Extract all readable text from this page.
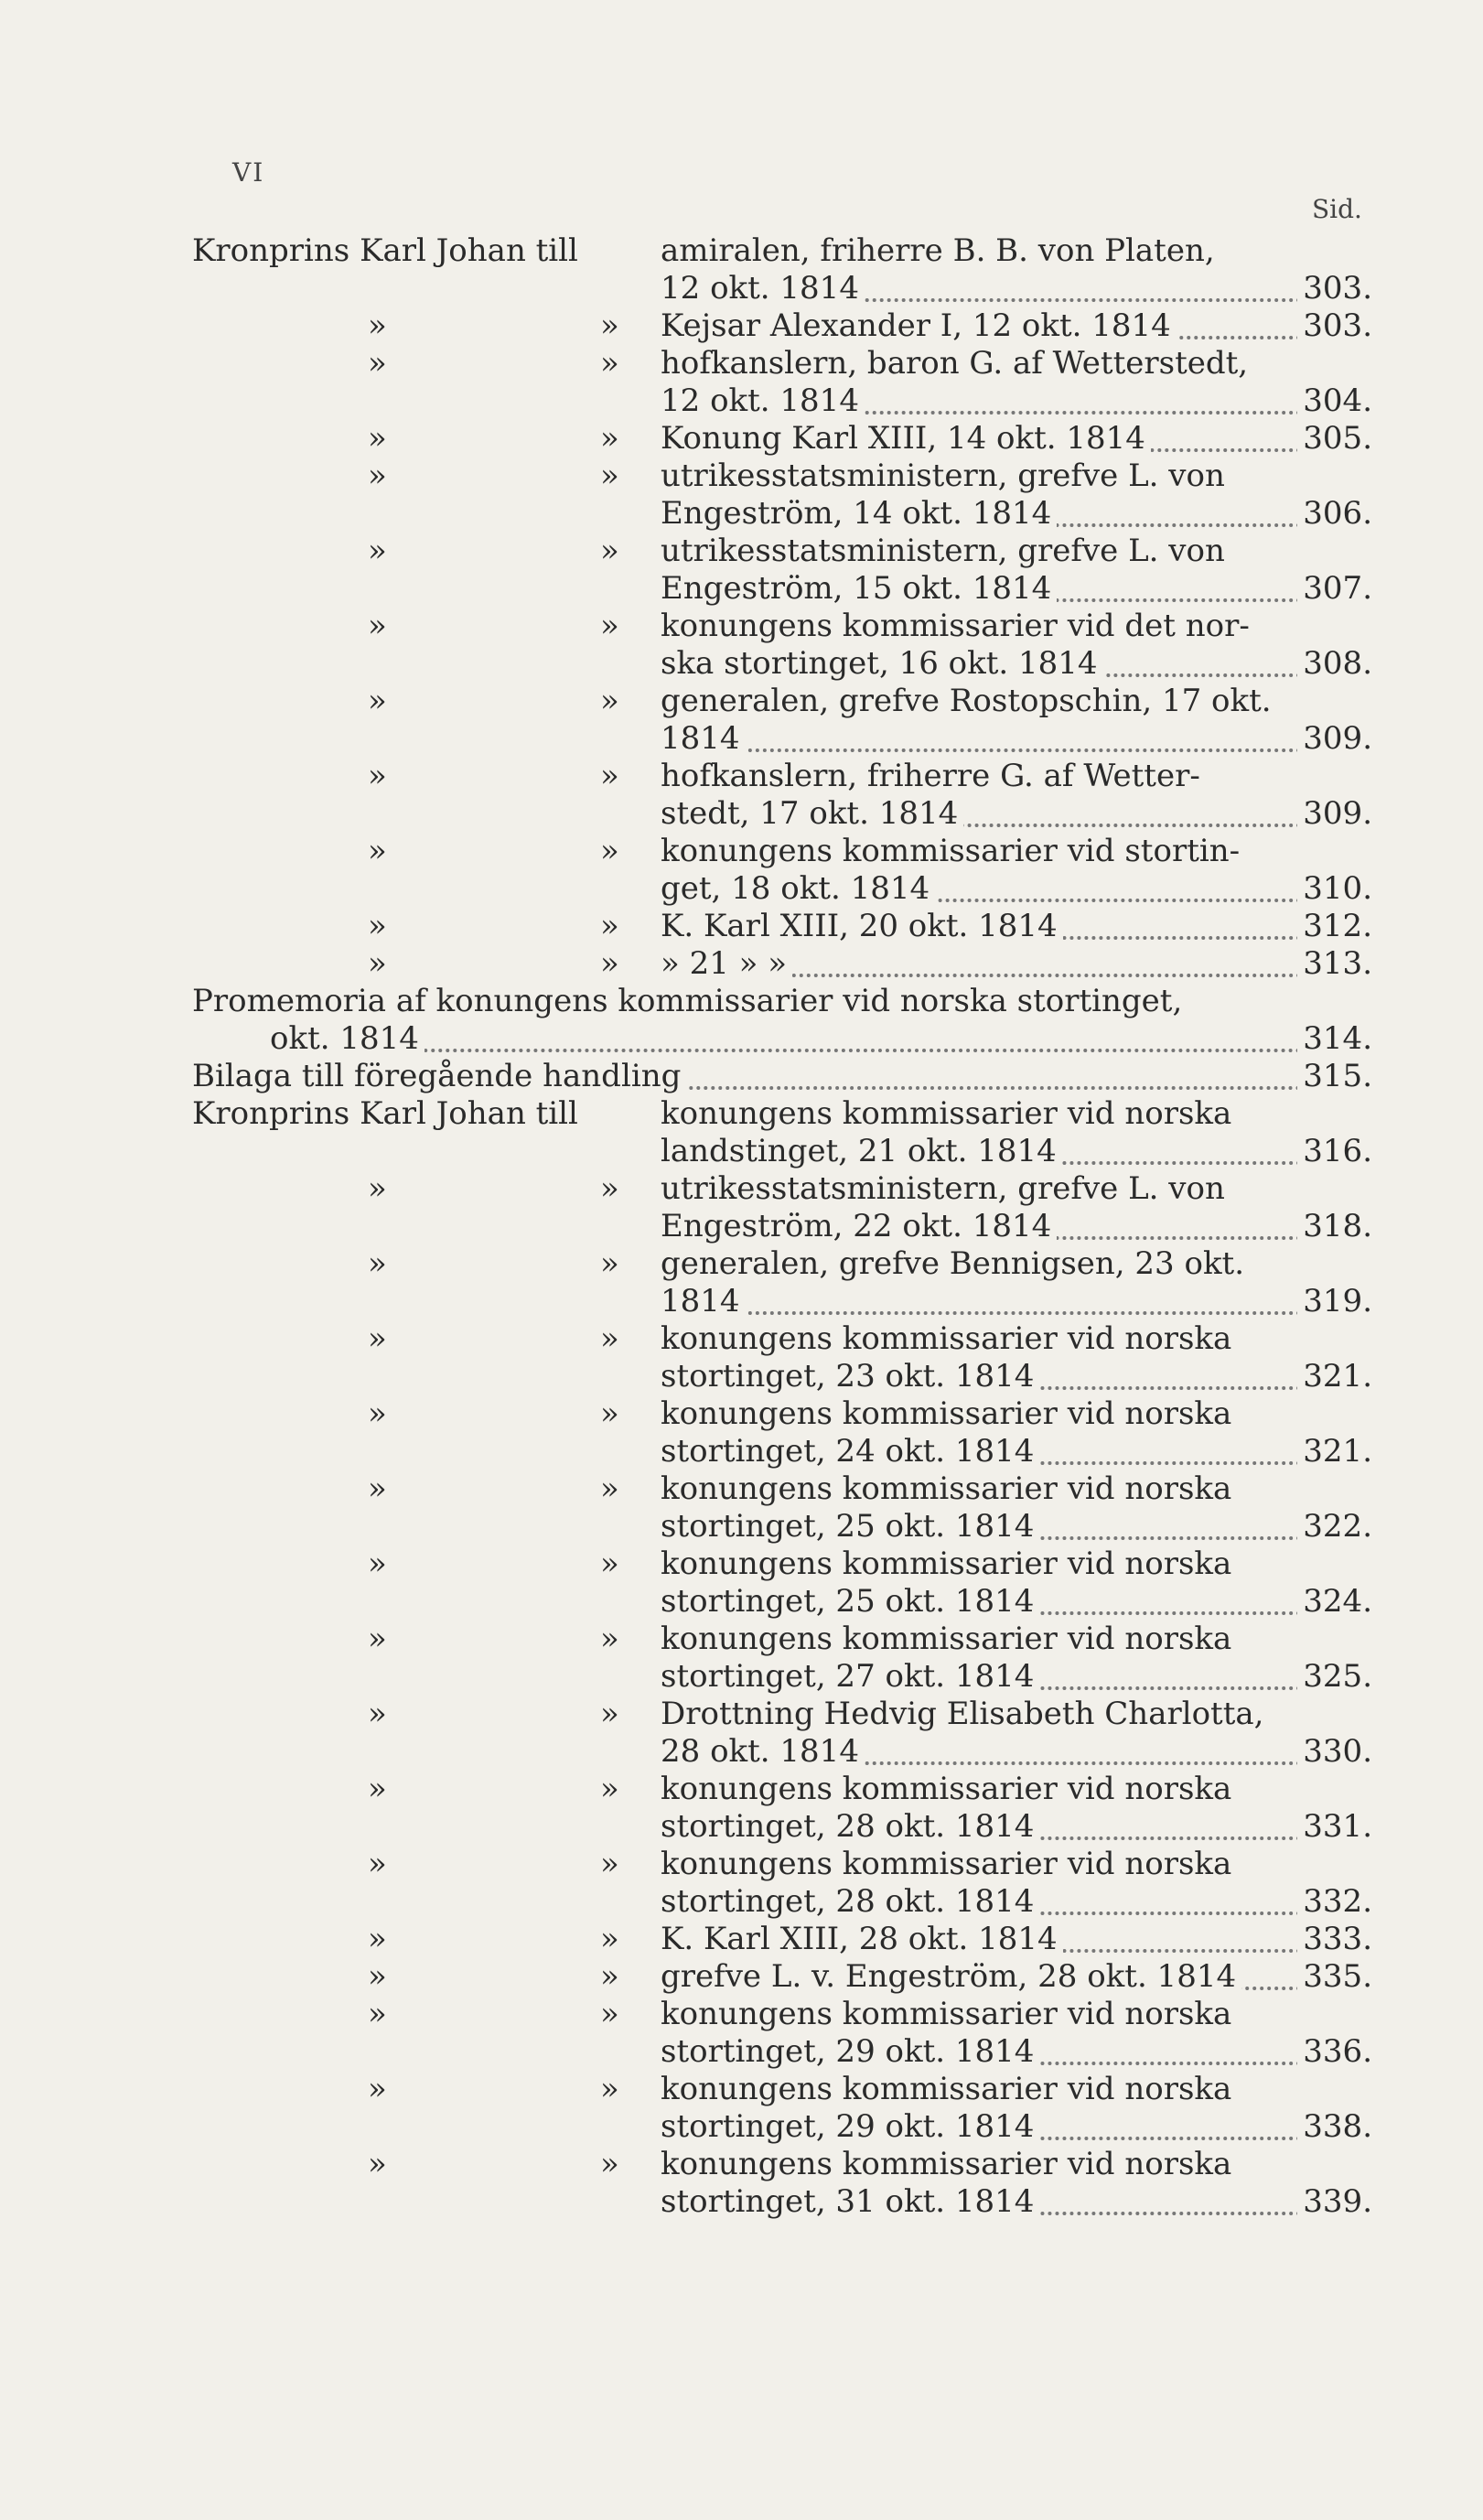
VI
Sid.
Kronprins Karl Johan till	amiralen, friherre B. B. von Platen,
12 okt. 1814	303.
»	» Kejsar Alexander I, 12 okt. 1814	303.
»	» hofkanslern, baron G. af Wetterstedt,
12 okt. 1814	304.
»	» Konung Karl XIII, 14 okt. 1814	305.
»	» utrikesstatsministern, grefve L. von
Engeström, 14 okt. 1814	306.
»	» utrikesstatsministern, grefve L. von
Engeström, 15 okt. 1814	307.
»	» konungens kommissarier vid det nor-
ska stortinget, 16 okt. 1814	308.
»	» generalen, grefve Rostopschin, 17 okt.
1814	309.
»	» hofkanslern, friherre G. af Wetter-
stedt, 17 okt. 1814	309.
»	» konungens kommissarier vid stortin-
get, 18 okt. 1814	310.
»	» K. Karl XIII, 20 okt. 1814	312.
»	» » 21 » »	313.
Promemoria af konungens kommissarier vid norska stortinget,
okt. 1814	314.
Bilaga till föregående handling	315.
Kronprins Karl Johan till	konungens kommissarier vid norska
landstinget, 21 okt. 1814	316.
»	» utrikesstatsministern, grefve L. von
Engeström, 22 okt. 1814	318.
»	» generalen, grefve Bennigsen, 23 okt.
1814	319.
»	» konungens kommissarier vid norska
stortinget, 23 okt. 1814	321.
»	» konungens kommissarier vid norska
stortinget, 24 okt. 1814	321.
»	» konungens kommissarier vid norska
stortinget, 25 okt. 1814	322.
»	» konungens kommissarier vid norska
stortinget, 25 okt. 1814	324.
»	» konungens kommissarier vid norska
stortinget, 27 okt. 1814	325.
»	» Drottning Hedvig Elisabeth Charlotta,
28 okt. 1814	330.
»	» konungens kommissarier vid norska
stortinget, 28 okt. 1814	331.
»	» konungens kommissarier vid norska
stortinget, 28 okt. 1814	332.
»	» K. Karl XIII, 28 okt. 1814	333.
»	» grefve L. v. Engeström, 28 okt. 1814 335.
»	» konungens kommissarier vid norska
stortinget, 29 okt. 1814	336.
»	» konungens kommissarier vid norska
stortinget, 29 okt. 1814	338.
»	» konungens kommissarier vid norska
stortinget, 31 okt. 1814	339.
